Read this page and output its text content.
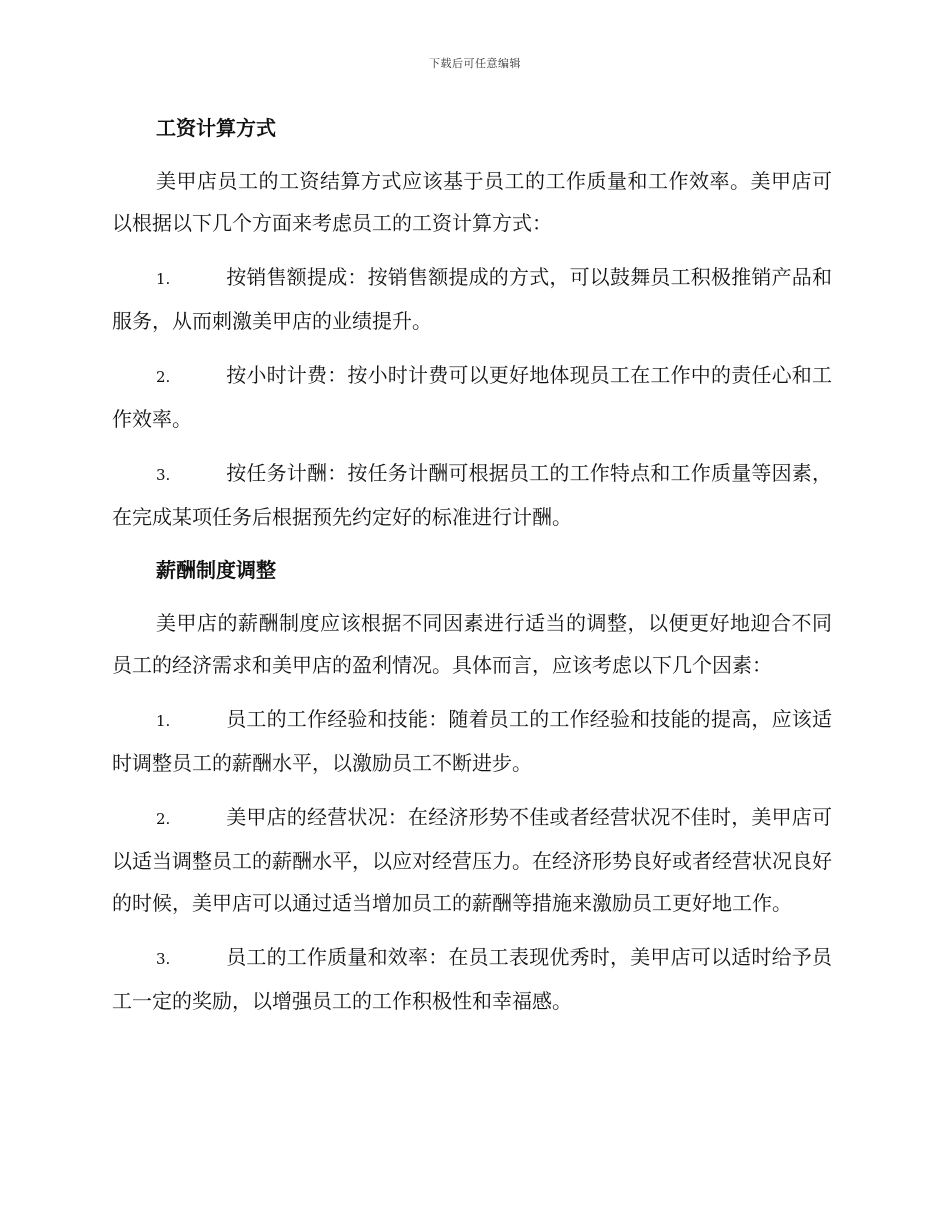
下载后可任意编辑
工资计算方式
美甲店员工的工资结算方式应该基于员工的工作质量和工作效率。美甲店可以根据以下几个方面来考虑员工的工资计算方式：
1.	按销售额提成：按销售额提成的方式，可以鼓舞员工积极推销产品和服务，从而刺激美甲店的业绩提升。
2.	按小时计费：按小时计费可以更好地体现员工在工作中的责任心和工作效率。
3.	按任务计酬：按任务计酬可根据员工的工作特点和工作质量等因素，在完成某项任务后根据预先约定好的标准进行计酬。
薪酬制度调整
美甲店的薪酬制度应该根据不同因素进行适当的调整，以便更好地迎合不同员工的经济需求和美甲店的盈利情况。具体而言，应该考虑以下几个因素：
1.	员工的工作经验和技能：随着员工的工作经验和技能的提高，应该适时调整员工的薪酬水平，以激励员工不断进步。
2.	美甲店的经营状况：在经济形势不佳或者经营状况不佳时，美甲店可以适当调整员工的薪酬水平，以应对经营压力。在经济形势良好或者经营状况良好的时候，美甲店可以通过适当增加员工的薪酬等措施来激励员工更好地工作。
3.	员工的工作质量和效率：在员工表现优秀时，美甲店可以适时给予员工一定的奖励，以增强员工的工作积极性和幸福感。
